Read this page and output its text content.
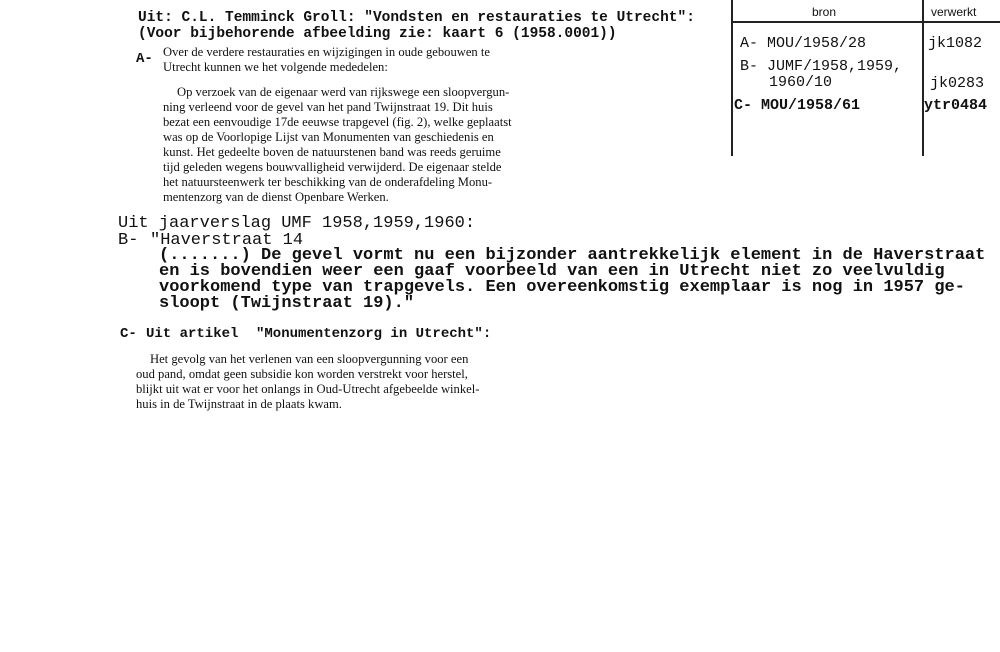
Uit: C.L. Temminck Groll: "Vondsten en restauraties te Utrecht":
(Voor bijbehorende afbeelding zie: kaart 6 (1958.0001))
A- Over de verdere restauraties en wijzigingen in oude gebouwen te
Utrecht kunnen we het volgende mededelen:
Op verzoek van de eigenaar werd van rijkswege een sloopvergun-
ning verleend voor de gevel van het pand Twijnstraat 19. Dit huis
bezat een eenvoudige 17de eeuwse trapgevel (fig. 2), welke geplaatst
was op de Voorlopige Lijst van Monumenten van geschiedenis en
kunst. Het gedeelte boven de natuurstenen band was reeds geruime
tijd geleden wegens bouwvalligheid verwijderd. De eigenaar stelde
het natuursteenwerk ter beschikking van de onderafdeling Monu-
mentenzorg van de dienst Openbare Werken.
Uit jaarverslag UMF 1958,1959,1960:
B- "Haverstraat 14
(.......) De gevel vormt nu een bijzonder aantrekkelijk element in de Haverstraat
en is bovendien weer een gaaf voorbeeld van een in Utrecht niet zo veelvuldig
voorkomend type van trapgevels. Een overeenkomstig exemplaar is nog in 1957 ge-
sloopt (Twijnstraat 19)."
C- Uit artikel "Monumentenzorg in Utrecht":
Het gevolg van het verlenen van een sloopvergunning voor een
oud pand, omdat geen subsidie kon worden verstrekt voor herstel,
blijkt uit wat er voor het onlangs in Oud-Utrecht afgebeelde winkel-
huis in de Twijnstraat in de plaats kwam.
bron	verwerkt
A- MOU/1958/28	jk1082
B- JUMF/1958,1959,
1960/10	jk0283
C- MOU/1958/61	ytr0484
